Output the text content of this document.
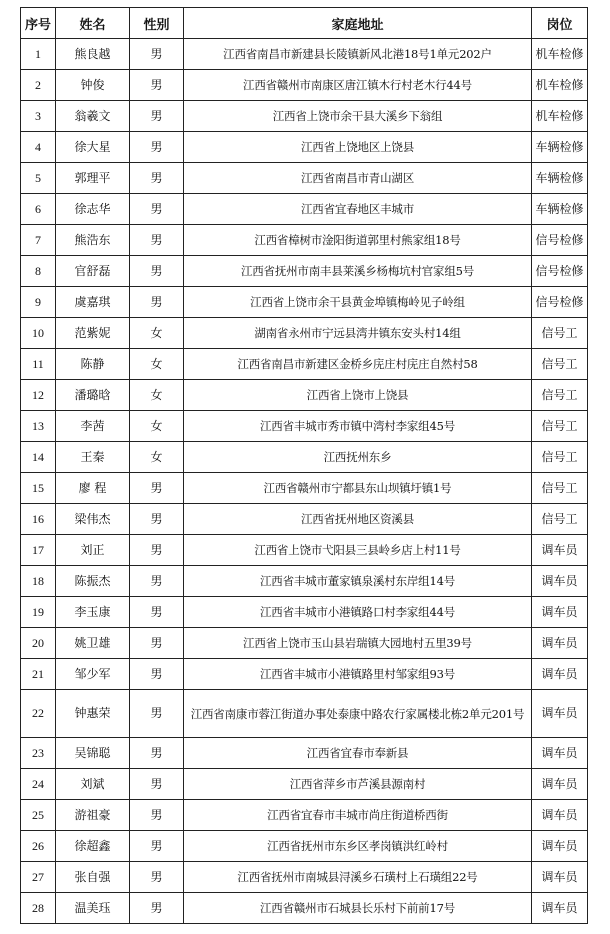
序号	姓名	性别	家庭地址	岗位
1	熊良越	男	江西省南昌市新建县长陵镇新风北港18号1单元202户	机车检修
2	钟俊	男	江西省赣州市南康区唐江镇木行村老木行44号	机车检修
3	翁羲文	男	江西省上饶市余干县大溪乡下翁组	机车检修
4	徐大星	男	江西省上饶地区上饶县	车辆检修
5	郭理平	男	江西省南昌市青山湖区	车辆检修
6	徐志华	男	江西省宜春地区丰城市	车辆检修
7	熊浩东	男	江西省樟树市淦阳街道郭里村熊家组18号	信号检修
8	官舒磊	男	江西省抚州市南丰县莱溪乡杨梅坑村官家组5号	信号检修
9	虞嘉琪	男	江西省上饶市余干县黄金埠镇梅岭见子岭组	信号检修
10	范紫妮	女	湖南省永州市宁远县湾井镇东安头村14组	信号工
11	陈静	女	江西省南昌市新建区金桥乡庑庄村庑庄自然村58	信号工
12	潘璐晗	女	江西省上饶市上饶县	信号工
13	李茜	女	江西省丰城市秀市镇中湾村李家组45号	信号工
14	王秦	女	江西抚州东乡	信号工
15	廖 程	男	江西省赣州市宁都县东山坝镇圩镇1号	信号工
16	梁伟杰	男	江西省抚州地区资溪县	信号工
17	刘正	男	江西省上饶市弋阳县三县岭乡店上村11号	调车员
18	陈振杰	男	江西省丰城市董家镇泉溪村东岸组14号	调车员
19	李玉康	男	江西省丰城市小港镇路口村李家组44号	调车员
20	姚卫雄	男	江西省上饶市玉山县岩瑞镇大园地村五里39号	调车员
21	邹少军	男	江西省丰城市小港镇路里村邹家组93号	调车员
22	钟惠荣	男	江西省南康市蓉江街道办事处泰康中路农行家属楼北栋2单元201号	调车员
23	吴锦聪	男	江西省宜春市奉新县	调车员
24	刘斌	男	江西省萍乡市芦溪县源南村	调车员
25	游祖豪	男	江西省宜春市丰城市尚庄街道桥西街	调车员
26	徐超鑫	男	江西省抚州市东乡区孝岗镇洪红岭村	调车员
27	张自强	男	江西省抚州市南城县浔溪乡石璜村上石璜组22号	调车员
28	温美珏	男	江西省赣州市石城县长乐村下前前17号	调车员
